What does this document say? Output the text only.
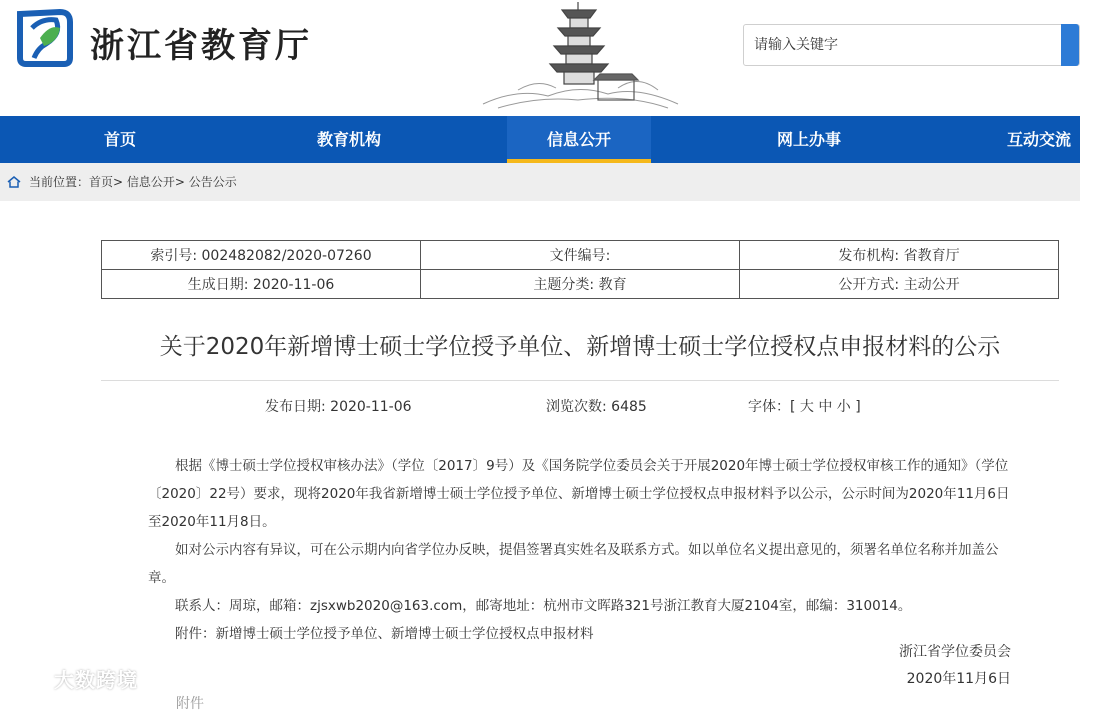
浙江省教育厅
请输入关键字
首页	教育机构	信息公开	网上办事	互动交流
当前位置：首页> 信息公开> 公告公示
索引号: 002482082/2020-07260	文件编号:	发布机构: 省教育厅
生成日期: 2020-11-06	主题分类: 教育	公开方式: 主动公开
关于2020年新增博士硕士学位授予单位、新增博士硕士学位授权点申报材料的公示
发布日期: 2020-11-06	浏览次数: 6485	字体：[ 大 中 小 ]

根据《博士硕士学位授权审核办法》（学位〔2017〕9号）及《国务院学位委员会关于开展2020年博士硕士学位授权审核工作的通知》（学位〔2020〕22号）要求，现将2020年我省新增博士硕士学位授予单位、新增博士硕士学位授权点申报材料予以公示，公示时间为2020年11月6日至2020年11月8日。

如对公示内容有异议，可在公示期内向省学位办反映，提倡签署真实姓名及联系方式。如以单位名义提出意见的，须署名单位名称并加盖公章。

联系人：周琼，邮箱：zjsxwb2020@163.com，邮寄地址：杭州市文晖路321号浙江教育大厦2104室，邮编：310014。

附件：新增博士硕士学位授予单位、新增博士硕士学位授权点申报材料

浙江省学位委员会
2020年11月6日
附件
大数跨境
